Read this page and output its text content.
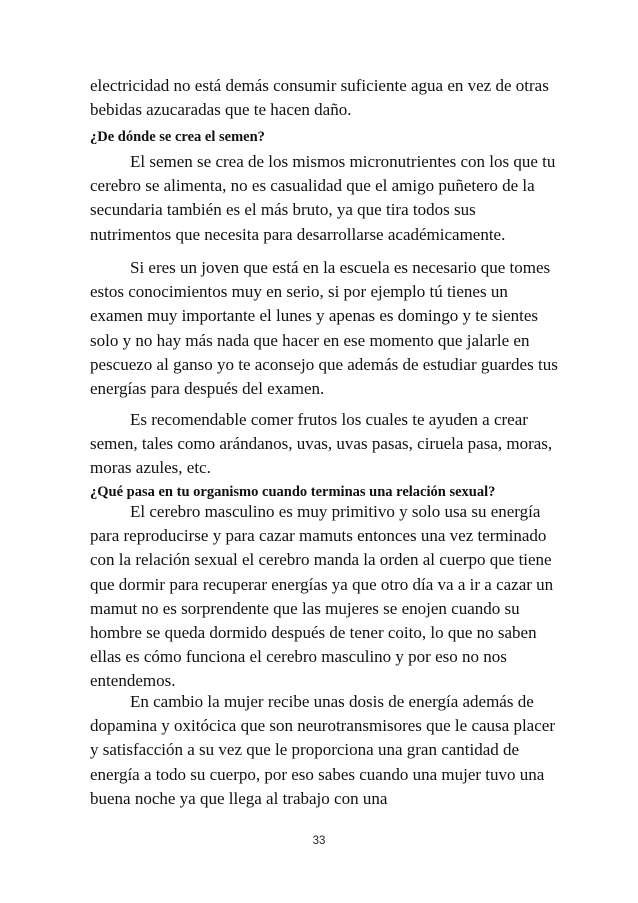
electricidad no está demás consumir suficiente agua en vez de otras bebidas azucaradas que te hacen daño.

¿De dónde se crea el semen?

El semen se crea de los mismos micronutrientes con los que tu cerebro se alimenta, no es casualidad que el amigo puñetero de la secundaria también es el más bruto, ya que tira todos sus nutrimentos que necesita para desarrollarse académicamente.

Si eres un joven que está en la escuela es necesario que tomes estos conocimientos muy en serio, si por ejemplo tú tienes un examen muy importante el lunes y apenas es domingo y te sientes solo y no hay más nada que hacer en ese momento que jalarle en pescuezo al ganso yo te aconsejo que además de estudiar guardes tus energías para después del examen.

Es recomendable comer frutos los cuales te ayuden a crear semen, tales como arándanos, uvas, uvas pasas, ciruela pasa, moras, moras azules, etc.

¿Qué pasa en tu organismo cuando terminas una relación sexual?

El cerebro masculino es muy primitivo y solo usa su energía para reproducirse y para cazar mamuts entonces una vez terminado con la relación sexual el cerebro manda la orden al cuerpo que tiene que dormir para recuperar energías ya que otro día va a ir a cazar un mamut no es sorprendente que las mujeres se enojen cuando su hombre se queda dormido después de tener coito, lo que no saben ellas es cómo funciona el cerebro masculino y por eso no nos entendemos.

En cambio la mujer recibe unas dosis de energía además de dopamina y oxitócica que son neurotransmisores que le causa placer y satisfacción a su vez que le proporciona una gran cantidad de energía a todo su cuerpo, por eso sabes cuando una mujer tuvo una buena noche ya que llega al trabajo con una

33
